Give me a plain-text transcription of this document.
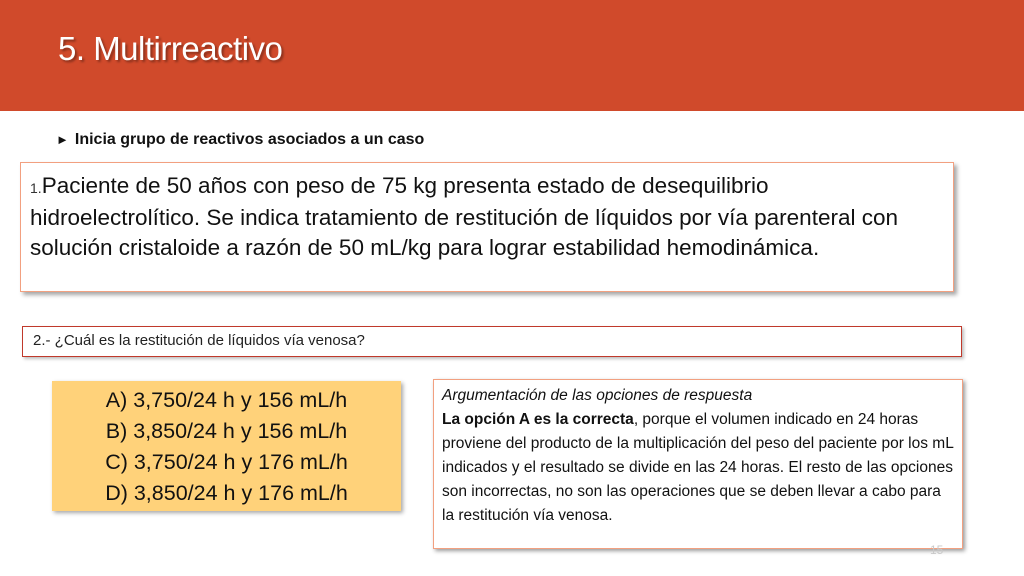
5. Multirreactivo
► Inicia grupo de reactivos asociados a un caso
1.Paciente de 50 años con peso de 75 kg presenta estado de desequilibrio hidroelectrolítico. Se indica tratamiento de restitución de líquidos por vía parenteral con solución cristaloide a razón de 50 mL/kg para lograr estabilidad hemodinámica.
2.- ¿Cuál es la restitución de líquidos vía venosa?
A) 3,750/24 h y 156 mL/h
B) 3,850/24 h y 156 mL/h
C) 3,750/24 h y 176 mL/h
D) 3,850/24 h y 176 mL/h
Argumentación de las opciones de respuesta
La opción A es la correcta, porque el volumen indicado en 24 horas proviene del producto de la multiplicación del peso del paciente por los mL indicados y el resultado se divide en las 24 horas. El resto de las opciones son incorrectas, no son las operaciones que se deben llevar a cabo para la restitución vía venosa.
15
